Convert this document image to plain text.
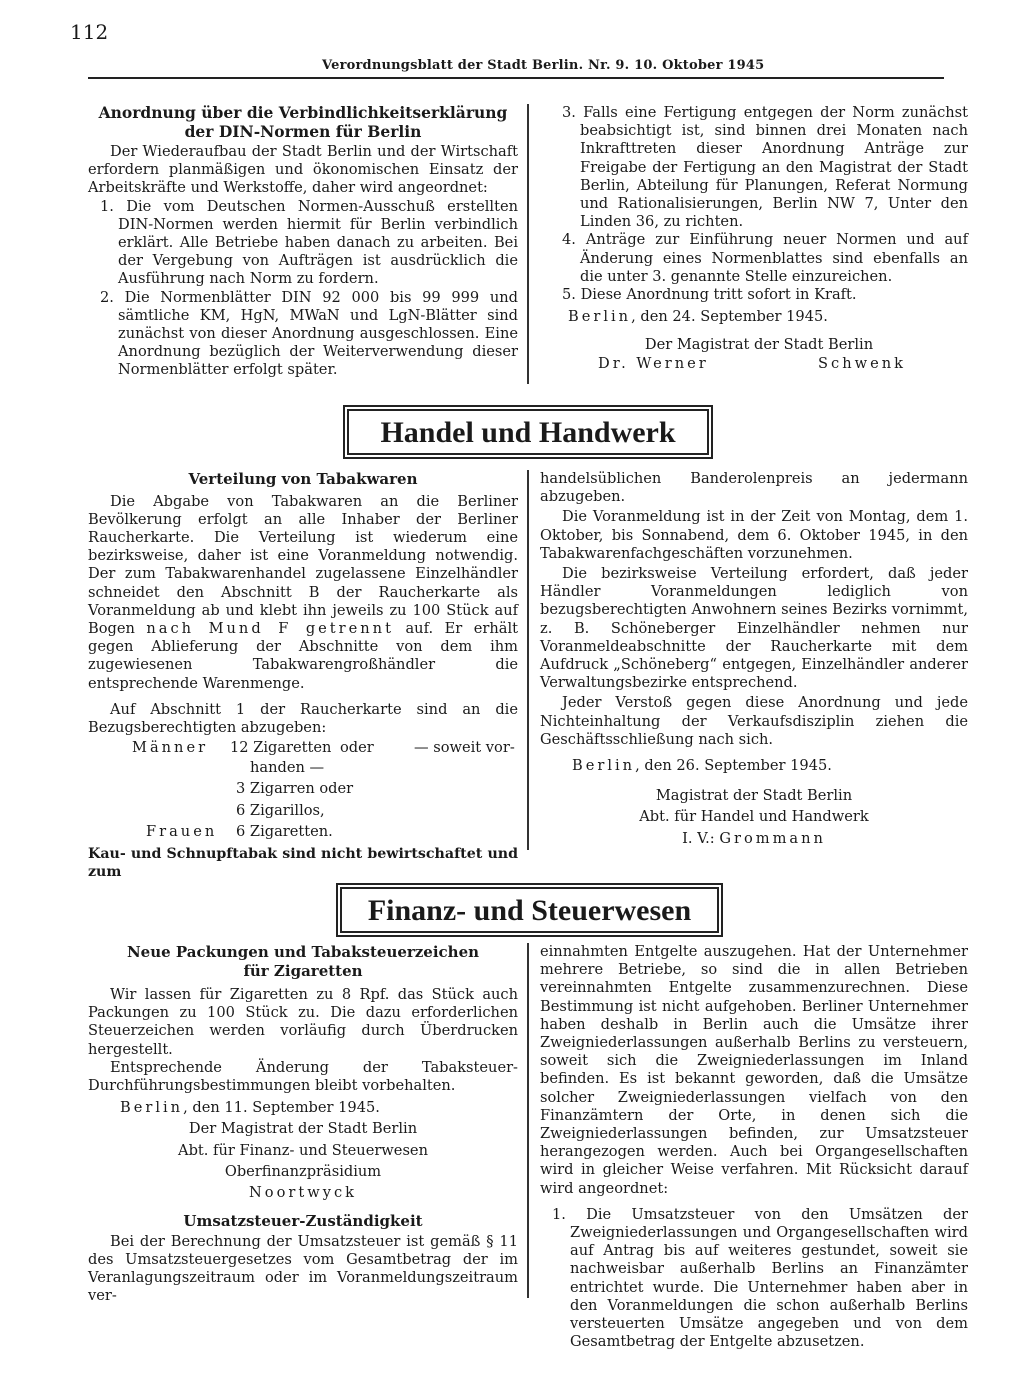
112
Verordnungsblatt der Stadt Berlin. Nr. 9. 10. Oktober 1945

Anordnung über die Verbindlichkeitserklärung der DIN-Normen für Berlin

Der Wiederaufbau der Stadt Berlin und der Wirtschaft erfordern planmäßigen und ökonomischen Einsatz der Arbeitskräfte und Werkstoffe, daher wird angeordnet:

1. Die vom Deutschen Normen-Ausschuß erstellten DIN-Normen werden hiermit für Berlin verbindlich erklärt. Alle Betriebe haben danach zu arbeiten. Bei der Vergebung von Aufträgen ist ausdrücklich die Ausführung nach Norm zu fordern.

2. Die Normenblätter DIN 92 000 bis 99 999 und sämtliche KM, HgN, MWaN und LgN-Blätter sind zunächst von dieser Anordnung ausgeschlossen. Eine Anordnung bezüglich der Weiterverwendung dieser Normenblätter erfolgt später.

3. Falls eine Fertigung entgegen der Norm zunächst beabsichtigt ist, sind binnen drei Monaten nach Inkrafttreten dieser Anordnung Anträge zur Freigabe der Fertigung an den Magistrat der Stadt Berlin, Abteilung für Planungen, Referat Normung und Rationalisierungen, Berlin NW 7, Unter den Linden 36, zu richten.

4. Anträge zur Einführung neuer Normen und auf Änderung eines Normenblattes sind ebenfalls an die unter 3. genannte Stelle einzureichen.

5. Diese Anordnung tritt sofort in Kraft.

Berlin, den 24. September 1945.

Der Magistrat der Stadt Berlin

Dr. Werner	Schwenk

Handel und Handwerk

Verteilung von Tabakwaren

Die Abgabe von Tabakwaren an die Berliner Bevölkerung erfolgt an alle Inhaber der Berliner Raucherkarte. Die Verteilung ist wiederum eine bezirksweise, daher ist eine Voranmeldung notwendig. Der zum Tabakwarenhandel zugelassene Einzelhändler schneidet den Abschnitt B der Raucherkarte als Voranmeldung ab und klebt ihn jeweils zu 100 Stück auf Bogen nach Mund F getrennt auf. Er erhält gegen Ablieferung der Abschnitte von dem ihm zugewiesenen Tabakwarengroßhändler die entsprechende Warenmenge.

Auf Abschnitt 1 der Raucherkarte sind an die Bezugsberechtigten abzugeben:

Männer 12 Zigaretten oder	— soweit vor-
handen —
3 Zigarren oder
6 Zigarillos,
Frauen 6 Zigaretten.

Kau- und Schnupftabak sind nicht bewirtschaftet und zum

handelsüblichen Banderolenpreis an jedermann abzugeben.

Die Voranmeldung ist in der Zeit von Montag, dem 1. Oktober, bis Sonnabend, dem 6. Oktober 1945, in den Tabakwarenfachgeschäften vorzunehmen.

Die bezirksweise Verteilung erfordert, daß jeder Händler Voranmeldungen lediglich von bezugsberechtigten Anwohnern seines Bezirks vornimmt, z. B. Schöneberger Einzelhändler nehmen nur Voranmeldeabschnitte der Raucherkarte mit dem Aufdruck „Schöneberg“ entgegen, Einzelhändler anderer Verwaltungsbezirke entsprechend.

Jeder Verstoß gegen diese Anordnung und jede Nichteinhaltung der Verkaufsdisziplin ziehen die Geschäftsschließung nach sich.

Berlin, den 26. September 1945.

Magistrat der Stadt Berlin

Abt. für Handel und Handwerk

I. V.: Grommann

Finanz- und Steuerwesen

Neue Packungen und Tabaksteuerzeichen

für Zigaretten

Wir lassen für Zigaretten zu 8 Rpf. das Stück auch Packungen zu 100 Stück zu. Die dazu erforderlichen Steuerzeichen werden vorläufig durch Überdrucken hergestellt.

Entsprechende Änderung der Tabaksteuer-Durchführungsbestimmungen bleibt vorbehalten.

Berlin, den 11. September 1945.

Der Magistrat der Stadt Berlin

Abt. für Finanz- und Steuerwesen

Oberfinanzpräsidium

Noortwyck

Umsatzsteuer-Zuständigkeit

Bei der Berechnung der Umsatzsteuer ist gemäß § 11 des Umsatzsteuergesetzes vom Gesamtbetrag der im Veranlagungszeitraum oder im Voranmeldungszeitraum ver-

einnahmten Entgelte auszugehen. Hat der Unternehmer mehrere Betriebe, so sind die in allen Betrieben vereinnahmten Entgelte zusammenzurechnen. Diese Bestimmung ist nicht aufgehoben. Berliner Unternehmer haben deshalb in Berlin auch die Umsätze ihrer Zweigniederlassungen außerhalb Berlins zu versteuern, soweit sich die Zweigniederlassungen im Inland befinden. Es ist bekannt geworden, daß die Umsätze solcher Zweigniederlassungen vielfach von den Finanzämtern der Orte, in denen sich die Zweigniederlassungen befinden, zur Umsatzsteuer herangezogen werden. Auch bei Organgesellschaften wird in gleicher Weise verfahren. Mit Rücksicht darauf wird angeordnet:

1. Die Umsatzsteuer von den Umsätzen der Zweigniederlassungen und Organgesellschaften wird auf Antrag bis auf weiteres gestundet, soweit sie nachweisbar außerhalb Berlins an Finanzämter entrichtet wurde. Die Unternehmer haben aber in den Voranmeldungen die schon außerhalb Berlins versteuerten Umsätze angegeben und von dem Gesamtbetrag der Entgelte abzusetzen.
